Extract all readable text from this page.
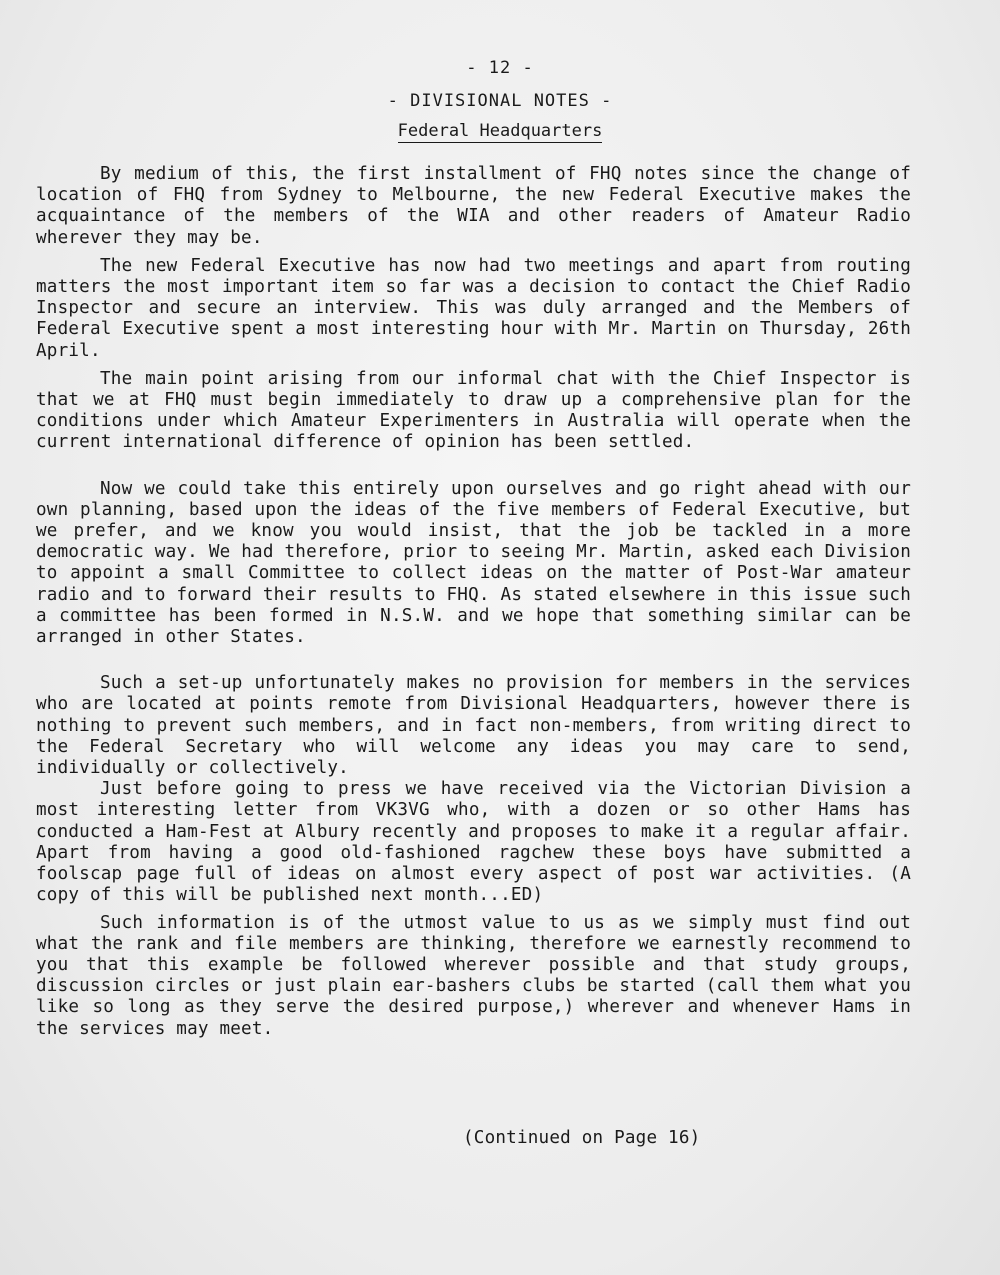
- 12 -
- DIVISIONAL NOTES -
Federal Headquarters

By medium of this, the first installment of FHQ notes since the change of location of FHQ from Sydney to Melbourne, the new Federal Executive makes the acquaintance of the members of the WIA and other readers of Amateur Radio wherever they may be.

The new Federal Executive has now had two meetings and apart from routing matters the most important item so far was a decision to contact the Chief Radio Inspector and secure an interview. This was duly arranged and the Members of Federal Executive spent a most interesting hour with Mr. Martin on Thursday, 26th April.

The main point arising from our informal chat with the Chief Inspector is that we at FHQ must begin immediately to draw up a comprehensive plan for the conditions under which Amateur Experimenters in Australia will operate when the current international difference of opinion has been settled.

Now we could take this entirely upon ourselves and go right ahead with our own planning, based upon the ideas of the five members of Federal Executive, but we prefer, and we know you would insist, that the job be tackled in a more democratic way. We had therefore, prior to seeing Mr. Martin, asked each Division to appoint a small Committee to collect ideas on the matter of Post-War amateur radio and to forward their results to FHQ. As stated elsewhere in this issue such a committee has been formed in N.S.W. and we hope that something similar can be arranged in other States.

Such a set-up unfortunately makes no provision for members in the services who are located at points remote from Divisional Headquarters, however there is nothing to prevent such members, and in fact non-members, from writing direct to the Federal Secretary who will welcome any ideas you may care to send, individually or collectively.

Just before going to press we have received via the Victorian Division a most interesting letter from VK3VG who, with a dozen or so other Hams has conducted a Ham-Fest at Albury recently and proposes to make it a regular affair. Apart from having a good old-fashioned ragchew these boys have submitted a foolscap page full of ideas on almost every aspect of post war activities. (A copy of this will be published next month...ED)

Such information is of the utmost value to us as we simply must find out what the rank and file members are thinking, therefore we earnestly recommend to you that this example be followed wherever possible and that study groups, discussion circles or just plain ear-bashers clubs be started (call them what you like so long as they serve the desired purpose,) wherever and whenever Hams in the services may meet.

(Continued on Page 16)
